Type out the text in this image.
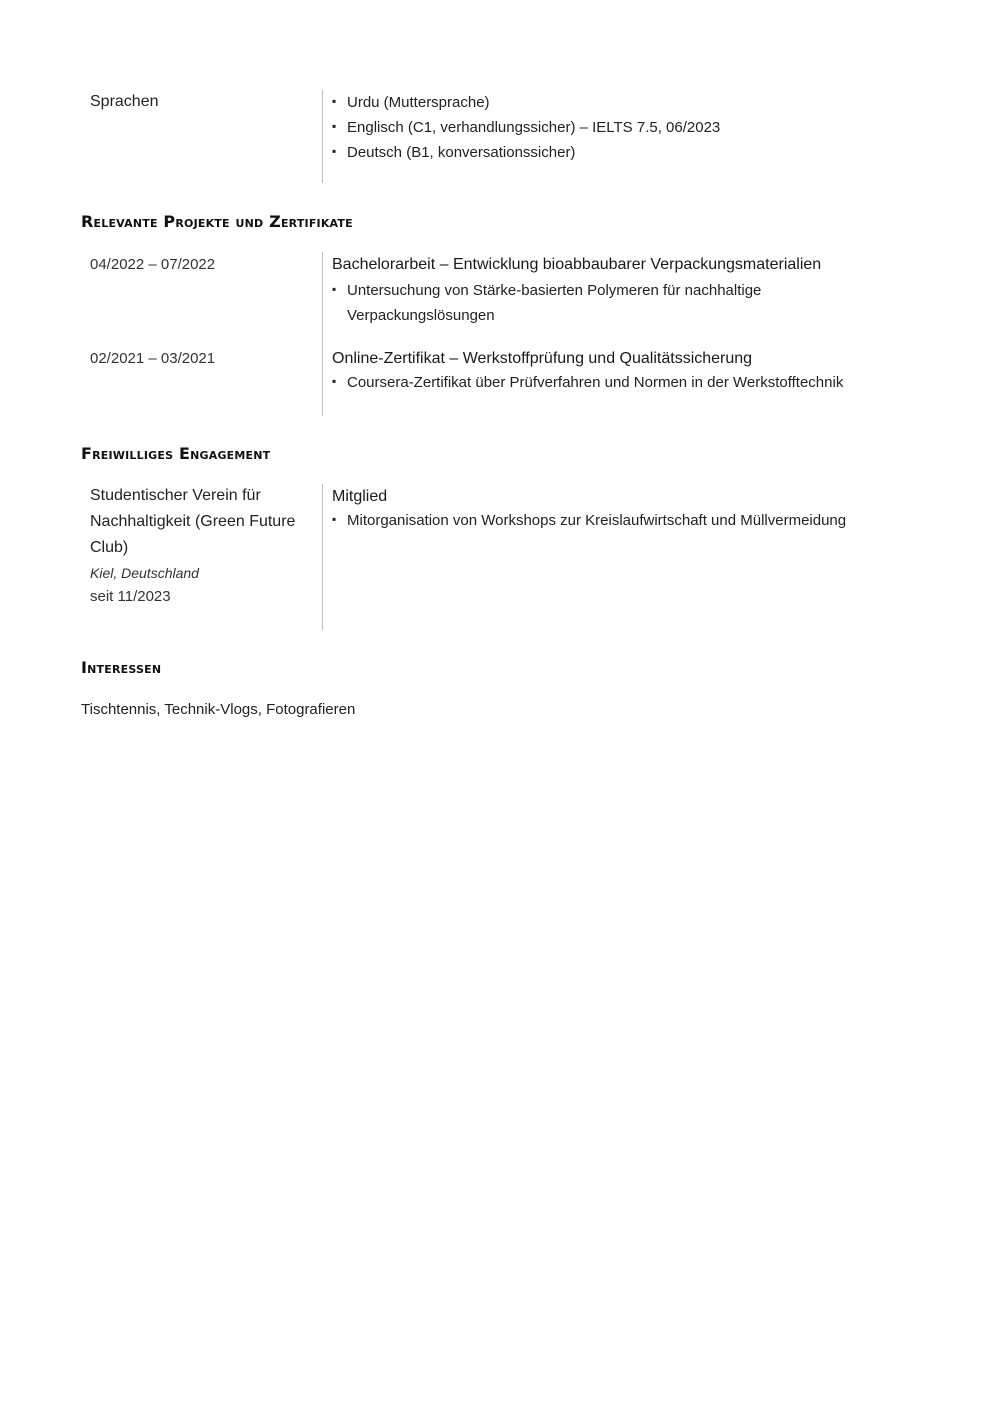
Sprachen	▪ Urdu (Muttersprache)
▪ Englisch (C1, verhandlungssicher) – IELTS 7.5, 06/2023
▪ Deutsch (B1, konversationssicher)
Relevante Projekte und Zertifikate
04/2022 – 07/2022
02/2021 – 03/2021
Bachelorarbeit – Entwicklung bioabbaubarer Verpackungsmaterialien
▪ Untersuchung von Stärke-basierten Polymeren für nachhaltige Verpackungslösungen
Online-Zertifikat – Werkstoffprüfung und Qualitätssicherung
▪ Coursera-Zertifikat über Prüfverfahren und Normen in der Werkstofftechnik
Freiwilliges Engagement
Studentischer Verein für Nachhaltigkeit (Green Future Club)
Kiel, Deutschland
seit 11/2023
Mitglied
▪ Mitorganisation von Workshops zur Kreislaufwirtschaft und Müllvermeidung
Interessen
Tischtennis, Technik-Vlogs, Fotografieren
